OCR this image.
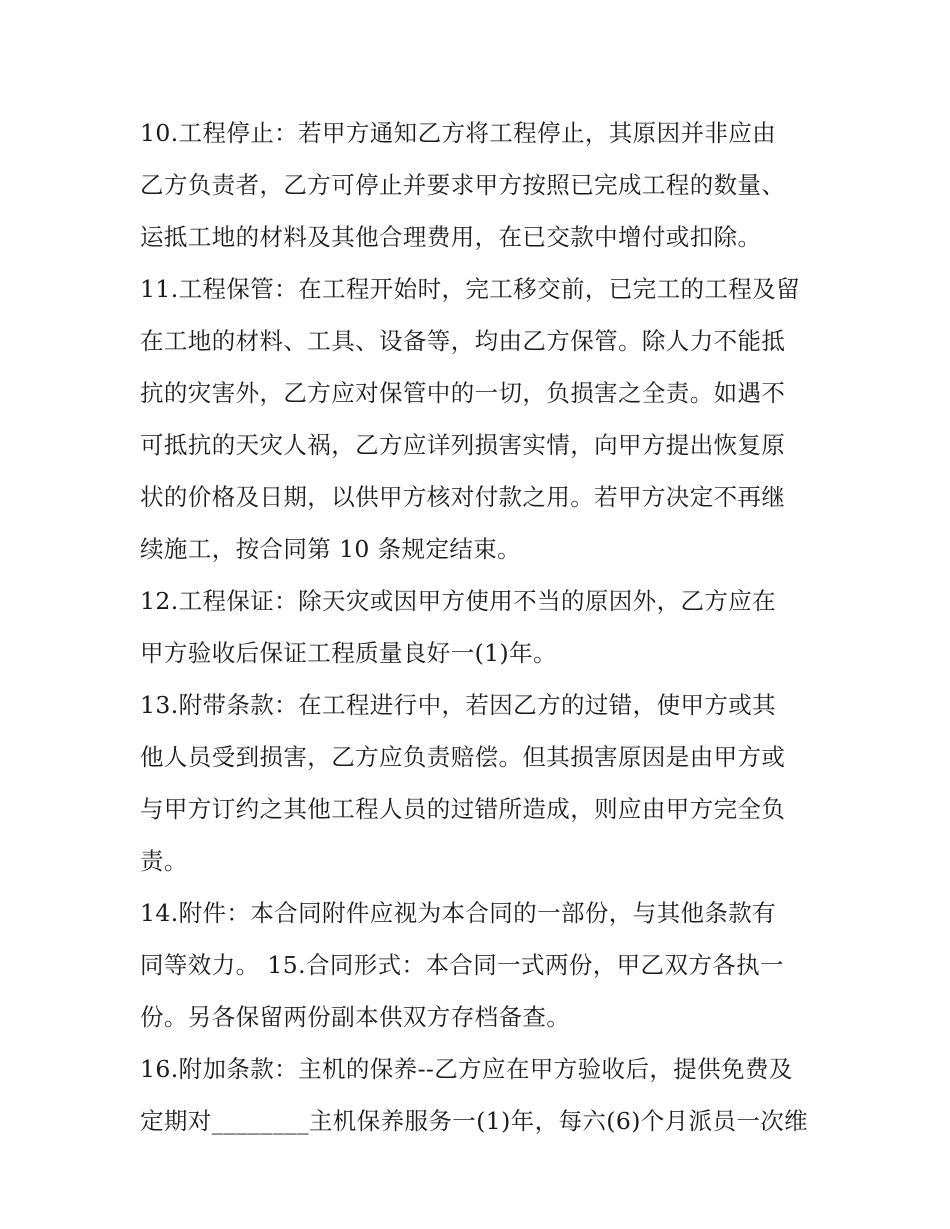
10.工程停止：若甲方通知乙方将工程停止，其原因并非应由
乙方负责者，乙方可停止并要求甲方按照已完成工程的数量、
运抵工地的材料及其他合理费用，在已交款中增付或扣除。
11.工程保管：在工程开始时，完工移交前，已完工的工程及留
在工地的材料、工具、设备等，均由乙方保管。除人力不能抵
抗的灾害外，乙方应对保管中的一切，负损害之全责。如遇不
可抵抗的天灾人祸，乙方应详列损害实情，向甲方提出恢复原
状的价格及日期，以供甲方核对付款之用。若甲方决定不再继
续施工，按合同第 10 条规定结束。
12.工程保证：除天灾或因甲方使用不当的原因外，乙方应在
甲方验收后保证工程质量良好一(1)年。
13.附带条款：在工程进行中，若因乙方的过错，使甲方或其
他人员受到损害，乙方应负责赔偿。但其损害原因是由甲方或
与甲方订约之其他工程人员的过错所造成，则应由甲方完全负
责。
14.附件：本合同附件应视为本合同的一部份，与其他条款有
同等效力。 15.合同形式：本合同一式两份，甲乙双方各执一
份。另各保留两份副本供双方存档备查。
16.附加条款：主机的保养--乙方应在甲方验收后，提供免费及
定期对________主机保养服务一(1)年，每六(6)个月派员一次维
